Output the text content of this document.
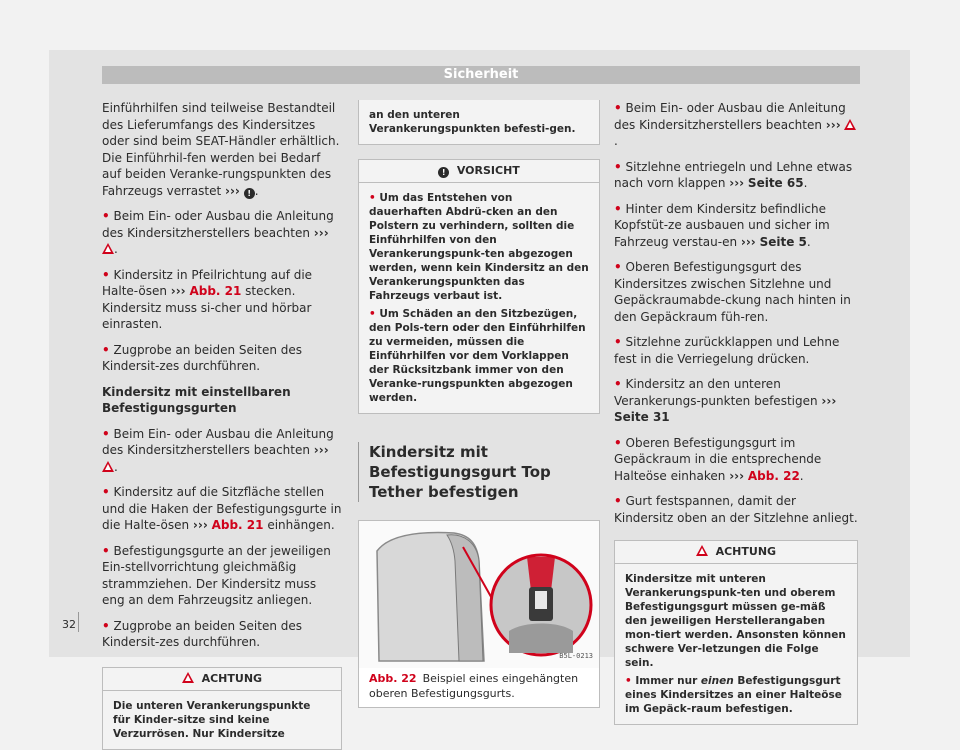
Sicherheit

Einführhilfen sind teilweise Bestandteil des Lieferumfangs des Kindersitzes oder sind beim SEAT-Händler erhältlich. Die Einführhil-fen werden bei Bedarf auf beiden Veranke-rungspunkten des Fahrzeugs verrastet ››› ! .

• Beim Ein- oder Ausbau die Anleitung des Kindersitzherstellers beachten ››› .

• Kindersitz in Pfeilrichtung auf die Halte-ösen ››› Abb. 21 stecken. Kindersitz muss si-cher und hörbar einrasten.

• Zugprobe an beiden Seiten des Kindersit-zes durchführen.

Kindersitz mit einstellbaren Befestigungsgurten

• Beim Ein- oder Ausbau die Anleitung des Kindersitzherstellers beachten ››› .

• Kindersitz auf die Sitzfläche stellen und die Haken der Befestigungsgurte in die Halte-ösen ››› Abb. 21 einhängen.

• Befestigungsgurte an der jeweiligen Ein-stellvorrichtung gleichmäßig strammziehen. Der Kindersitz muss eng an dem Fahrzeugsitz anliegen.

• Zugprobe an beiden Seiten des Kindersit-zes durchführen.

ACHTUNG
Die unteren Verankerungspunkte für Kinder-sitze sind keine Verzurrösen. Nur Kindersitze
an den unteren Verankerungspunkten befesti-gen.
! VORSICHT
• Um das Entstehen von dauerhaften Abdrü-cken an den Polstern zu verhindern, sollten die Einführhilfen von den Verankerungspunk-ten abgezogen werden, wenn kein Kindersitz an den Verankerungspunkten das Fahrzeugs verbaut ist.
• Um Schäden an den Sitzbezügen, den Pols-tern oder den Einführhilfen zu vermeiden, müssen die Einführhilfen vor dem Vorklappen der Rücksitzbank immer von den Veranke-rungspunkten abgezogen werden.
Kindersitz mit Befestigungsgurt Top Tether befestigen
B5L-0213
Abb. 22 Beispiel eines eingehängten oberen Befestigungsgurts.

• Beim Ein- oder Ausbau die Anleitung des Kindersitzherstellers beachten ››› .

• Sitzlehne entriegeln und Lehne etwas nach vorn klappen ››› Seite 65.

• Hinter dem Kindersitz befindliche Kopfstüt-ze ausbauen und sicher im Fahrzeug verstau-en ››› Seite 5.

• Oberen Befestigungsgurt des Kindersitzes zwischen Sitzlehne und Gepäckraumabde-ckung nach hinten in den Gepäckraum füh-ren.

• Sitzlehne zurückklappen und Lehne fest in die Verriegelung drücken.

• Kindersitz an den unteren Verankerungs-punkten befestigen ››› Seite 31

• Oberen Befestigungsgurt im Gepäckraum in die entsprechende Halteöse einhaken ››› Abb. 22.

• Gurt festspannen, damit der Kindersitz oben an der Sitzlehne anliegt.

ACHTUNG
Kindersitze mit unteren Verankerungspunk-ten und oberem Befestigungsgurt müssen ge-mäß den jeweiligen Herstellerangaben mon-tiert werden. Ansonsten können schwere Ver-letzungen die Folge sein.
• Immer nur einen Befestigungsgurt eines Kindersitzes an einer Halteöse im Gepäck-raum befestigen.
32
